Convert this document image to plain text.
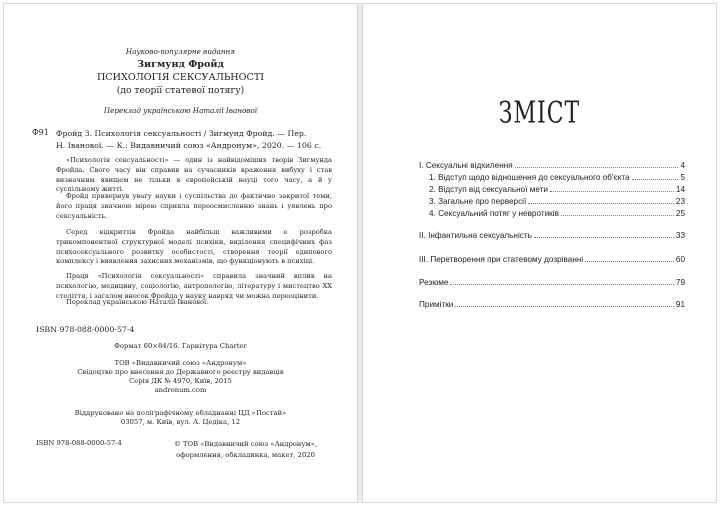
Науково-популярне видання
Зигмунд Фройд
ПСИХОЛОГІЯ СЕКСУАЛЬНОСТІ
(до теорії статевої потягу)
Переклад українською Наталії Іванової
Ф91 Фройд З. Психологія сексуальності / Зигмунд Фройд. — Пер.
Н. Іванової. — К.: Видавничий союз «Андронум», 2020. — 106 с.
«Психологія сексуальності» — один із найвідоміших творів Зигмунда Фройда. Свого часу він справив на сучасників враження вибуху і став визначним явищем не тільки в європейській науці того часу, а й у суспільному житті.
Фройд привернув увагу науки і суспільства до фактично закритої теми, його праця значною мірою сприяла переосмисленню знань і уявлень про сексуальність.
Серед відкриттів Фройда найбільш важливими є розробка трикомпонентної структурної моделі психіки, виділення специфічних фаз психосексуального розвитку особистості, створення теорії едипового комплексу і виявлення захисних механізмів, що функціонують в психіці.
Праця «Психологія сексуальності» справила значний вплив на психологію, медицину, соціологію, антропологію, літературу і мистецтво XX століття, і загалом внесок Фройда у науку навряд чи можна переоцінити.
Переклад українською Наталії Іванової.
ISBN 978-088-0000-57-4
Формат 60×84/16. Гарнітура Charter
ТОВ «Видавничий союз «Андронум»
Свідоцтво про внесення до Державного реєстру видавців
Серія ДК № 4970, Київ, 2015
andronum.com
Віддруковано на поліграфічному обладнанні ЦД «Постай»
03057, м. Київ, вул. А. Цедіка, 12
ISBN 978-088-0000-57-4	© ТОВ «Видавничий союз «Андронум»,
оформлення, обкладинка, макет, 2020
ЗМІСТ
I. Сексуальні відхилення	4
1. Відступ щодо відношення до сексуального об'єкта	5
2. Відступ від сексуальної мети	14
3. Загальне про перверсії	23
4. Сексуальний потяг у невротиків	25
II. Інфантильна сексуальність	33
III. Перетворення при статевому дозріванні	60
Резюме	79
Примітки	91
